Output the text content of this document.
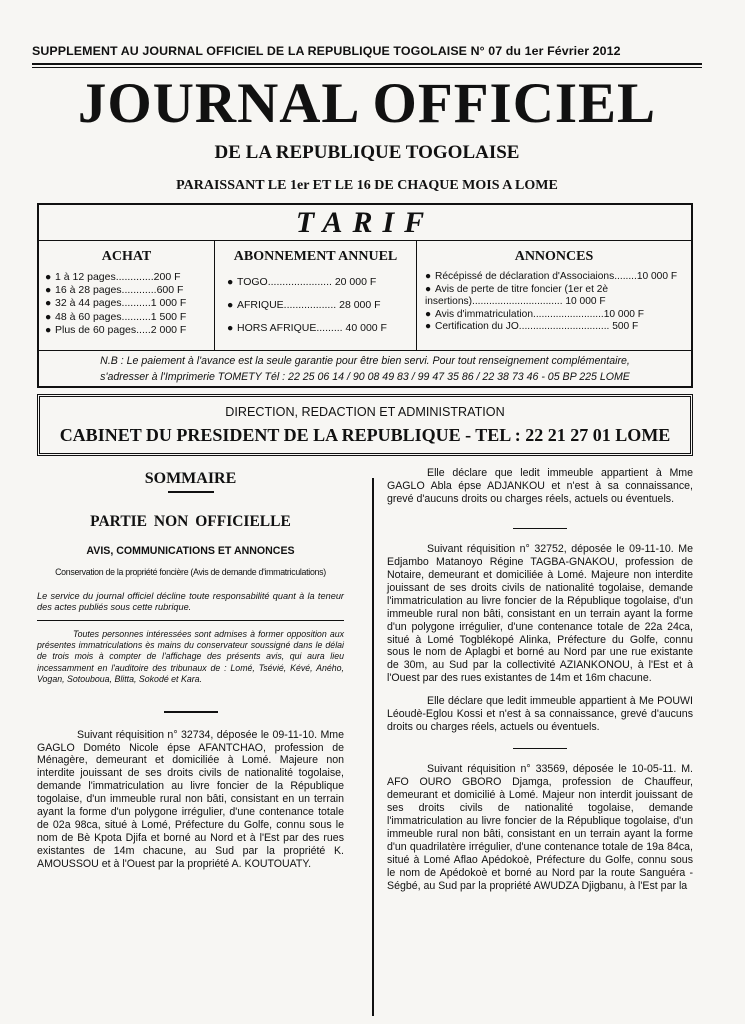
SUPPLEMENT AU JOURNAL OFFICIEL DE LA REPUBLIQUE TOGOLAISE N° 07 du 1er Février 2012
JOURNAL OFFICIEL
DE LA REPUBLIQUE TOGOLAISE
PARAISSANT LE 1er ET LE 16 DE CHAQUE MOIS A LOME
TARIF
ACHAT
● 1 à 12 pages.............200 F
● 16 à 28 pages............600 F
● 32 à 44 pages..........1 000 F
● 48 à 60 pages..........1 500 F
● Plus de 60 pages.....2 000 F
ABONNEMENT ANNUEL
● TOGO...................... 20 000 F
● AFRIQUE.................. 28 000 F
● HORS AFRIQUE......... 40 000 F
ANNONCES
● Récépissé de déclaration d'Associaions........10 000 F
● Avis de perte de titre foncier (1er et 2è
insertions)................................ 10 000 F
● Avis d'immatriculation.........................10 000 F
● Certification du JO................................ 500 F
N.B : Le paiement à l'avance est la seule garantie pour être bien servi. Pour tout renseignement complémentaire,
s'adresser à l'Imprimerie TOMETY Tél : 22 25 06 14 / 90 08 49 83 / 99 47 35 86 / 22 38 73 46 - 05 BP 225 LOME
DIRECTION, REDACTION ET ADMINISTRATION
CABINET DU PRESIDENT DE LA REPUBLIQUE - TEL : 22 21 27 01 LOME
SOMMAIRE
PARTIE NON OFFICIELLE
AVIS, COMMUNICATIONS ET ANNONCES
Conservation de la propriété foncière (Avis de demande d'immatriculations)
Le service du journal officiel décline toute responsabilité quant à la teneur des actes publiés sous cette rubrique.
Toutes personnes intéressées sont admises à former opposition aux présentes immatriculations ès mains du conservateur soussigné dans le délai de trois mois à compter de l'affichage des présents avis, qui aura lieu incessamment en l'auditoire des tribunaux de : Lomé, Tsévié, Kévé, Aného, Vogan, Sotouboua, Blitta, Sokodé et Kara.
Suivant réquisition n° 32734, déposée le 09-11-10. Mme GAGLO Dométo Nicole épse AFANTCHAO, profession de Ménagère, demeurant et domiciliée à Lomé. Majeure non interdite jouissant de ses droits civils de nationalité togolaise, demande l'immatriculation au livre foncier de la République togolaise, d'un immeuble rural non bâti, consistant en un terrain ayant la forme d'un polygone irrégulier, d'une contenance totale de 02a 98ca, situé à Lomé, Préfecture du Golfe, connu sous le nom de Bè Kpota Djifa et borné au Nord et à l'Est par des rues existantes de 14m chacune, au Sud par la propriété K. AMOUSSOU et à l'Ouest par la propriété A. KOUTOUATY.
Elle déclare que ledit immeuble appartient à Mme GAGLO Abla épse ADJANKOU et n'est à sa connaissance, grevé d'aucuns droits ou charges réels, actuels ou éventuels.
Suivant réquisition n° 32752, déposée le 09-11-10. Me Edjambo Matanoyo Régine TAGBA-GNAKOU, profession de Notaire, demeurant et domiciliée à Lomé. Majeure non interdite jouissant de ses droits civils de nationalité togolaise, demande l'immatriculation au livre foncier de la République togolaise, d'un immeuble rural non bâti, consistant en un terrain ayant la forme d'un polygone irrégulier, d'une contenance totale de 22a 24ca, situé à Lomé Togblékopé Alinka, Préfecture du Golfe, connu sous le nom de Aplagbi et borné au Nord par une rue existante de 30m, au Sud par la collectivité AZIANKONOU, à l'Est et à l'Ouest par des rues existantes de 14m et 16m chacune.
Elle déclare que ledit immeuble appartient à Me POUWI Léoudè-Eglou Kossi et n'est à sa connaissance, grevé d'aucuns droits ou charges réels, actuels ou éventuels.
Suivant réquisition n° 33569, déposée le 10-05-11. M. AFO OURO GBORO Djamga, profession de Chauffeur, demeurant et domicilié à Lomé. Majeur non interdit jouissant de ses droits civils de nationalité togolaise, demande l'immatriculation au livre foncier de la République togolaise, d'un immeuble rural non bâti, consistant en un terrain ayant la forme d'un quadrilatère irrégulier, d'une contenance totale de 19a 84ca, situé à Lomé Aflao Apédokoè, Préfecture du Golfe, connu sous le nom de Apédokoè et borné au Nord par la route Sanguéra - Ségbé, au Sud par la propriété AWUDZA Djigbanu, à l'Est par la
